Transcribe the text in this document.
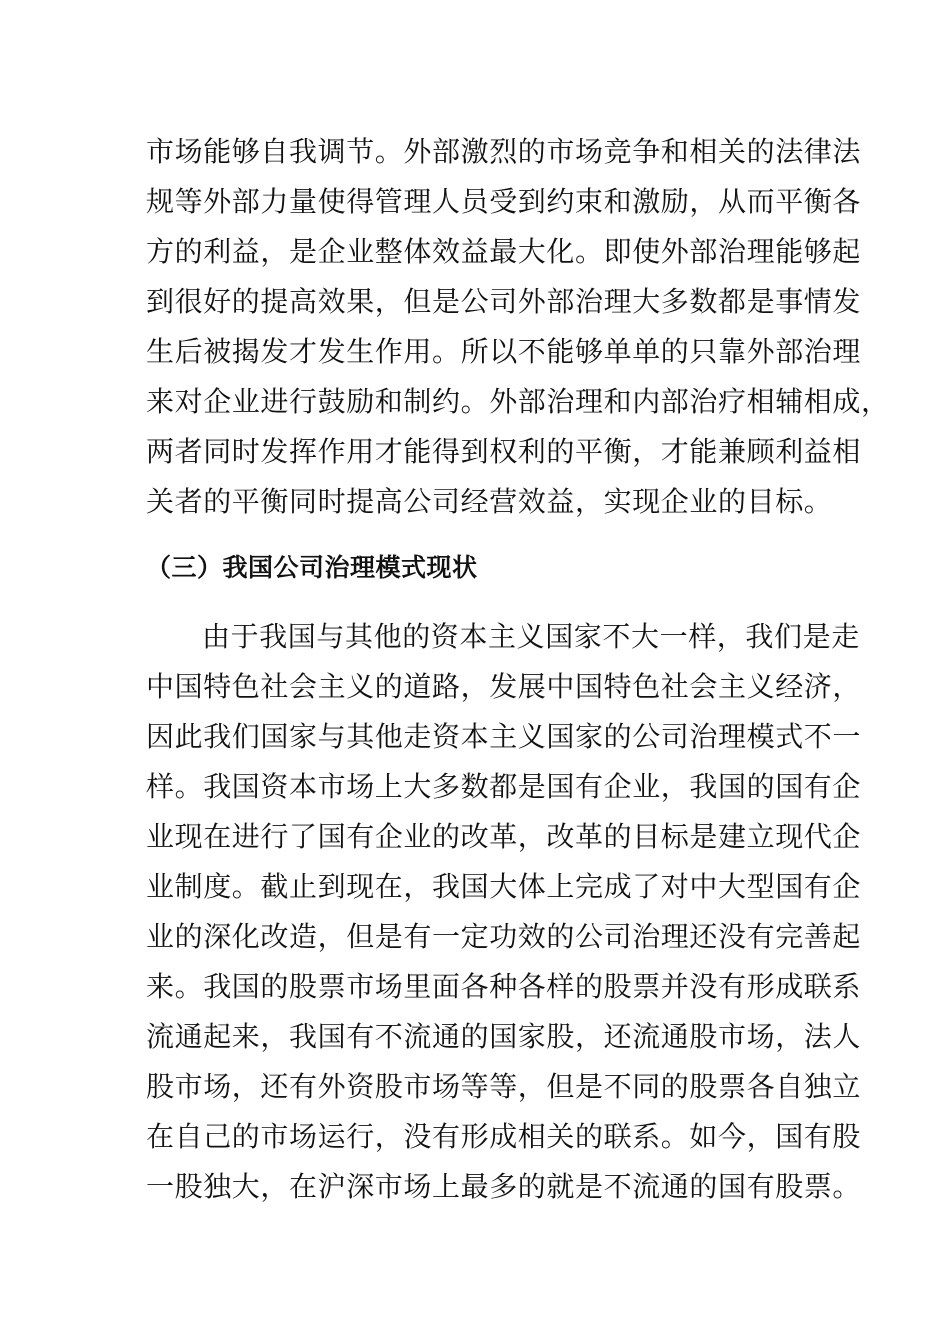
市场能够自我调节。外部激烈的市场竞争和相关的法律法
规等外部力量使得管理人员受到约束和激励，从而平衡各
方的利益，是企业整体效益最大化。即使外部治理能够起
到很好的提高效果，但是公司外部治理大多数都是事情发
生后被揭发才发生作用。所以不能够单单的只靠外部治理
来对企业进行鼓励和制约。外部治理和内部治疗相辅相成，
两者同时发挥作用才能得到权利的平衡，才能兼顾利益相
关者的平衡同时提高公司经营效益，实现企业的目标。
（三）我国公司治理模式现状
由于我国与其他的资本主义国家不大一样，我们是走
中国特色社会主义的道路，发展中国特色社会主义经济，
因此我们国家与其他走资本主义国家的公司治理模式不一
样。我国资本市场上大多数都是国有企业，我国的国有企
业现在进行了国有企业的改革，改革的目标是建立现代企
业制度。截止到现在，我国大体上完成了对中大型国有企
业的深化改造，但是有一定功效的公司治理还没有完善起
来。我国的股票市场里面各种各样的股票并没有形成联系
流通起来，我国有不流通的国家股，还流通股市场，法人
股市场，还有外资股市场等等，但是不同的股票各自独立
在自己的市场运行，没有形成相关的联系。如今，国有股
一股独大，在沪深市场上最多的就是不流通的国有股票。
